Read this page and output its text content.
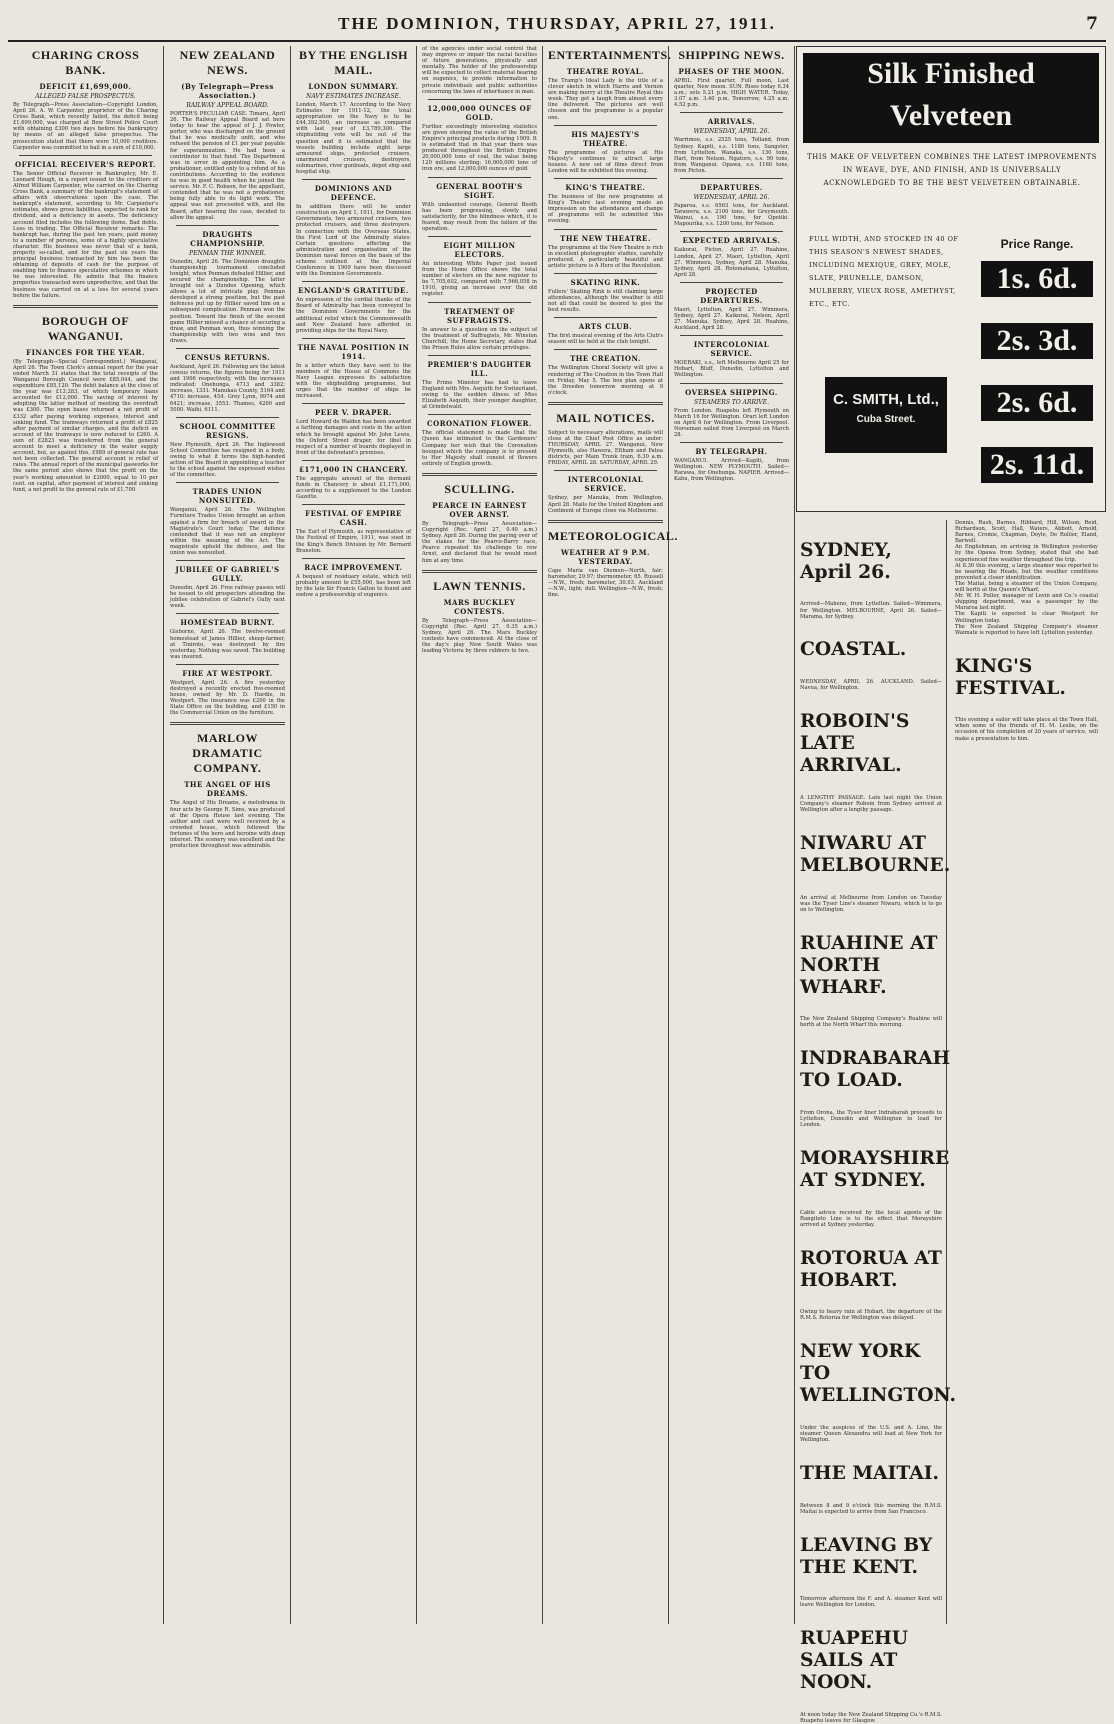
THE DOMINION, THURSDAY, APRIL 27, 1911.	7
CHARING CROSS BANK.
DEFICIT £1,699,000.
ALLEGED FALSE PROSPECTUS.

By Telegraph—Press Association—Copyright London, April 26. A. W. Carpenter, proprietor of the Charing Cross Bank, which recently failed, the deficit being £1,699,000, was charged at Bow Street Police Court with obtaining £300 two days before his bankruptcy by means of an alleged false prospectus. The prosecution stated that there were 10,000 creditors. Carpenter was committed to bail in a sum of £10,000.

OFFICIAL RECEIVER'S REPORT.

The Senior Official Receiver in Bankruptcy, Mr. E. Leonard Hough, in a report issued to the creditors of Alfred William Carpenter, who carried on the Charing Cross Bank, a summary of the bankrupt's statement of affairs with observations upon the case. The bankrupt's statement, according to Mr. Carpenter's estimates, shows gross liabilities, expected to rank for dividend, and a deficiency in assets. The deficiency account filed includes the following items. Bad debts. Loss in trading. The Official Receiver remarks: The bankrupt has, during the past ten years, paid money to a number of persons, some of a highly speculative character. His business was never that of a bank, properly so-called, and for the past six years the principal business transacted by him has been the obtaining of deposits of cash for the purpose of enabling him to finance speculative schemes in which he was interested. He admits that the finance properties transacted were unproductive, and that the business was carried on at a loss for several years before the failure.

BOROUGH OF WANGANUI.
FINANCES FOR THE YEAR.

(By Telegraph—Special Correspondent.) Wanganui, April 26. The Town Clerk's annual report for the year ended March 31 states that the total receipts of the Wanganui Borough Council were £85,044, and the expenditure £85,120. The debit balance at the close of the year was £13,283, of which temporary loans accounted for £12,000. The saving of interest by adopting the latter method of meeting the overdraft was £300. The open bases returned a net profit of £332 after paying working expenses, interest and sinking fund. The tramways returned a profit of £825 after payment of similar charges, and the deficit on account of the tramways is now reduced to £260. A sum of £2823 was transferred from the general account to meet a deficiency in the water supply account, but, as against this, £989 of general rate has not been collected. The general account is relief of rates. The annual report of the municipal gasworks for the same period also shows that the profit on the year's working amounted to £2000, equal to 10 per cent. on capital, after payment of interest and sinking fund, a net profit to the general rate of £1,700.

NEW ZEALAND NEWS.
(By Telegraph—Press Association.)
RAILWAY APPEAL BOARD.

PORTER'S PECULIAR CASE. Timaru, April 26. The Railway Appeal Board sat here today to hear the appeal of J. J. Fowler, porter, who was discharged on the ground that he was medically unfit, and who refused the pension of £1 per year payable for superannuation. He had been a contributor to that fund. The Department was in error in appointing him. As a probationer, entitled only to a refund of his contributions. According to the evidence he was in good health when he joined the service. Mr. F. C. Robson, for the appellant, contended that he was not a probationer, being fully able to do light work. The appeal was not proceeded with, and the Board, after hearing the case, decided to allow the appeal.

DRAUGHTS CHAMPIONSHIP.
PENMAN THE WINNER.

Dunedin, April 26. The Dominion draughts championship tournament concluded tonight, when Penman defeated Hillier, and secured the championship. The latter brought out a Dundee Opening, which allows a lot of intricate play. Penman developed a strong position, but the past defences put up by Hillier saved him on a subsequent complication. Penman won the position. Toward the finish of the second game Hillier missed a chance of securing a draw, and Penman won, thus winning the championship with two wins and two draws.

CENSUS RETURNS.

Auckland, April 26. Following are the latest census returns, the figures being for 1911 and 1906 respectively, with the increases indicated: Onehunga, 4713 and 3382; increase, 1331. Manukau County, 5164 and 4710; increase, 454. Grey Lynn, 9974 and 6421; increase, 3553. Thames, 4200 and 5000. Waihi, 6111.

SCHOOL COMMITTEE RESIGNS.

New Plymouth, April 26. The Inglewood School Committee has resigned in a body, owing to what it terms the high-handed action of the Board in appointing a teacher to the school against the expressed wishes of the committee.

TRADES UNION NONSUITED.

Wanganui, April 26. The Wellington Furniture Trades Union brought an action against a firm for breach of award in the Magistrate's Court today. The defence contended that it was not an employer within the meaning of the Act. The magistrate upheld the defence, and the union was nonsuited.

JUBILEE OF GABRIEL'S GULLY.

Dunedin, April 26. Free railway passes will be issued to old prospectors attending the jubilee celebration of Gabriel's Gully next week.

HOMESTEAD BURNT.

Gisborne, April 26. The twelve-roomed homestead of James Hillier, sheep-farmer, at Tiniroto, was destroyed by fire yesterday. Nothing was saved. The building was insured.

FIRE AT WESTPORT.

Westport, April 26. A fire yesterday destroyed a recently erected five-roomed house, owned by Mr. D. Hardie, in Westport. The insurance was £200 in the State Office on the building, and £150 in the Commercial Union on the furniture.

MARLOW DRAMATIC COMPANY.
THE ANGEL OF HIS DREAMS.

The Angel of His Dreams, a melodrama in four acts by George R. Sims, was produced at the Opera House last evening. The author and cast were well received by a crowded house, which followed the fortunes of the hero and heroine with deep interest. The scenery was excellent and the production throughout was admirable.

BY THE ENGLISH MAIL.
LONDON SUMMARY.
NAVY ESTIMATES INCREASE.

London, March 17. According to the Navy Estimates for 1911-12, the total appropriation on the Navy is to be £44,392,500, an increase as compared with last year of £3,789,300. The shipbuilding vote will be out of the question and it is estimated that the vessels building include eight large armoured ships, protected cruisers, unarmoured cruisers, destroyers, submarines, river gunboats, depot ship and hospital ship.

DOMINIONS AND DEFENCE.

In addition there will be under construction on April 1, 1911, for Dominion Governments, two armoured cruisers, two protected cruisers, and three destroyers. In connection with the Overseas States, the First Lord of the Admiralty states: Certain questions affecting the administration and organisation of the Dominion naval forces on the basis of the scheme outlined at the Imperial Conference in 1909 have been discussed with the Dominion Governments.

ENGLAND'S GRATITUDE.

An expression of the cordial thanks of the Board of Admiralty has been conveyed to the Dominion Governments for the additional relief which the Commonwealth and New Zealand have afforded in providing ships for the Royal Navy.

THE NAVAL POSITION IN 1914.

In a letter which they have sent to the members of the House of Commons the Navy League expresses its satisfaction with the shipbuilding programme, but urges that the number of ships be increased.

PEER V. DRAPER.

Lord Howard de Walden has been awarded a farthing damages and costs in the action which he brought against Mr. John Lewis, the Oxford Street draper, for libel in respect of a number of boards displayed in front of the defendant's premises.

£171,000 IN CHANCERY.

The aggregate amount of the dormant funds in Chancery is about £1,171,000, according to a supplement to the London Gazette.

FESTIVAL OF EMPIRE CASH.

The Earl of Plymouth, as representative of the Festival of Empire, 1911, was sued in the King's Bench Division by Mr. Bernard Branston.

RACE IMPROVEMENT.

A bequest of residuary estate, which will probably amount to £55,000, has been left by the late Sir Francis Galton to found and endow a professorship of eugenics.

of the agencies under social control that may improve or impair the racial faculties of future generations, physically and mentally. The holder of the professorship will be expected to collect material bearing on eugenics, to provide information to private individuals and public authorities concerning the laws of inheritance in man.

12,000,000 OUNCES OF GOLD.

Further exceedingly interesting statistics are given showing the value of the British Empire's principal products during 1909. It is estimated that in that year there was produced throughout the British Empire 20,000,000 tons of coal, the value being 120 millions sterling; 16,000,000 tons of iron ore, and 12,000,000 ounces of gold.

GENERAL BOOTH'S SIGHT.

With undaunted courage, General Booth has been progressing, slowly and satisfactorily, for the blindness which, it is feared, may result from the failure of the operation.

EIGHT MILLION ELECTORS.

An interesting White Paper just issued from the Home Office shows the total number of electors on the new register to be 7,705,602, compared with 7,966,058 in 1910, giving an increase over the old register.

TREATMENT OF SUFFRAGISTS.

In answer to a question on the subject of the treatment of Suffragists, Mr. Winston Churchill, the Home Secretary, states that the Prison Rules allow certain privileges.

PREMIER'S DAUGHTER ILL.

The Prime Minister has had to leave England with Mrs. Asquith for Switzerland, owing to the sudden illness of Miss Elizabeth Asquith, their younger daughter, at Grindelwald.

CORONATION FLOWER.

The official statement is made that the Queen has intimated to the Gardeners' Company her wish that the Coronation bouquet which the company is to present to Her Majesty shall consist of flowers entirely of English growth.

SCULLING.
PEARCE IN EARNEST OVER ARNST.

By Telegraph—Press Association—Copyright (Rec. April 27, 0.40 a.m.) Sydney, April 26. During the paying over of the stakes for the Pearce-Barry race, Pearce repeated his challenge to row Arnst, and declared that he would meet him at any time.

LAWN TENNIS.
MARS BUCKLEY CONTESTS.

By Telegraph—Press Association—Copyright (Rec. April 27, 0.35 a.m.) Sydney, April 26. The Mars Buckley contests have commenced. At the close of the day's play New South Wales was leading Victoria by three rubbers to two.

ENTERTAINMENTS.
THEATRE ROYAL.

The Tramp's Ideal Lady is the title of a clever sketch in which Harris and Vernon are making merry at the Theatre Royal this week. They get a laugh from almost every line delivered. The pictures are well chosen and the programme is a popular one.

HIS MAJESTY'S THEATRE.

The programme of pictures at His Majesty's continues to attract large houses. A new set of films direct from London will be exhibited this evening.

KING'S THEATRE.

The business of the new programme at King's Theatre last evening made an impression on the attendance and change of programme will be submitted this evening.

THE NEW THEATRE.

The programme at the New Theatre is rich in excellent photographic studies, carefully produced. A particularly beautiful and artistic picture is A Hero of the Revolution.

SKATING RINK.

Fullers' Skating Rink is still claiming large attendances, although the weather is still not all that could be desired to give the best results.

ARTS CLUB.

The first musical evening of the Arts Club's season will be held at the club tonight.

THE CREATION.

The Wellington Choral Society will give a rendering of The Creation in the Town Hall on Friday, May 5. The box plan opens at the Dresden tomorrow morning at 9 o'clock.

MAIL NOTICES.

Subject to necessary alterations, mails will close at the Chief Post Office as under: THURSDAY, APRIL 27. Wanganui, New Plymouth, also Hawera, Eltham and Patea districts, per Main Trunk train, 6.30 a.m. FRIDAY, APRIL 28. SATURDAY, APRIL 29.

INTERCOLONIAL SERVICE.

Sydney, per Manuka, from Wellington, April 28. Mails for the United Kingdom and Continent of Europe close via Melbourne.

METEOROLOGICAL.
WEATHER AT 9 P.M. YESTERDAY.

Cape Maria van Diemen—North, fair; barometer, 29.97; thermometer, 65. Russell—N.W., fresh; barometer, 30.03. Auckland—N.W., light; dull. Wellington—N.W., fresh; fine.

SHIPPING NEWS.
PHASES OF THE MOON.

APRIL. First quarter, Full moon, Last quarter, New moon. SUN. Rises today 6.34 a.m.; sets 5.21 p.m. HIGH WATER. Today, 3.07 a.m. 3.40 p.m. Tomorrow, 4.25 a.m. 4.52 p.m.

ARRIVALS.
WEDNESDAY, APRIL 26.

Warrimoo, s.s. 2525 tons, Tolland, from Sydney. Kapiti, s.s. 1180 tons, Sangster, from Lyttelton. Wanaka, s.s. 130 tons, Hart, from Nelson. Ngatoro, s.s. 90 tons, from Wanganui. Opawa, s.s. 1160 tons, from Picton.

DEPARTURES.
WEDNESDAY, APRIL 26.

Paparoa, s.s. 6563 tons, for Auckland. Tarawera, s.s. 2100 tons, for Greymouth. Wainui, s.s. 190 tons, for Opotiki. Mapourika, s.s. 1200 tons, for Nelson.

EXPECTED ARRIVALS.

Kaikorai, Picton, April 27. Ruahine, London, April 27. Maori, Lyttelton, April 27. Wimmera, Sydney, April 28. Manuka, Sydney, April 28. Rotomahana, Lyttelton, April 28.

PROJECTED DEPARTURES.

Maori, Lyttelton, April 27. Wimmera, Sydney, April 27. Kaikorai, Nelson, April 27. Manuka, Sydney, April 28. Ruahine, Auckland, April 28.

INTERCOLONIAL SERVICE.

MOERAKI, s.s., left Melbourne April 25 for Hobart, Bluff, Dunedin, Lyttelton and Wellington.

OVERSEA SHIPPING.
STEAMERS TO ARRIVE.

From London. Ruapehu left Plymouth on March 16 for Wellington. Orari left London on April 6 for Wellington. From Liverpool. Norseman sailed from Liverpool on March 28.

BY TELEGRAPH.

WANGANUI. Arrived—Kapiti, from Wellington. NEW PLYMOUTH. Sailed—Rarawa, for Onehunga. NAPIER. Arrived—Kahu, from Wellington.

Silk Finished
Velveteen
THIS MAKE OF VELVETEEN COMBINES THE LATEST IMPROVEMENTS IN WEAVE, DYE, AND FINISH, AND IS UNIVERSALLY ACKNOWLEDGED TO BE THE BEST VELVETEEN OBTAINABLE.
FULL WIDTH, AND STOCKED IN 40 OF THIS SEASON'S NEWEST SHADES, INCLUDING MEXIQUE, GREY, MOLE, SLATE, PRUNELLE, DAMSON, MULBERRY, VIEUX ROSE, AMETHYST, ETC., ETC.
Price Range.
1s. 6d.
2s. 3d.
2s. 6d.
2s. 11d.
C. SMITH, Ltd.,
Cuba Street.
SYDNEY, April 26.

Arrived—Maheno, from Lyttelton. Sailed—Wimmera, for Wellington. MELBOURNE, April 26. Sailed—Marama, for Sydney.

COASTAL.

WEDNESDAY, APRIL 26. AUCKLAND. Sailed—Navua, for Wellington.

ROBOIN'S LATE ARRIVAL.

A LENGTHY PASSAGE. Late last night the Union Company's steamer Roboin from Sydney arrived at Wellington after a lengthy passage.

NIWARU AT MELBOURNE.

An arrival at Melbourne from London on Tuesday was the Tyser Line's steamer Niwaru, which is to go on to Wellington.

RUAHINE AT NORTH WHARF.

The New Zealand Shipping Company's Ruahine will berth at the North Wharf this morning.

INDRABARAH TO LOAD.

From Orona, the Tyser liner Indrabarah proceeds to Lyttelton, Dunedin and Wellington to load for London.

MORAYSHIRE AT SYDNEY.

Cable advice received by the local agents of the Rangitoto Line is to the effect that Morayshire arrived at Sydney yesterday.

ROTORUA AT HOBART.

Owing to heavy rain at Hobart, the departure of the R.M.S. Rotorua for Wellington was delayed.

NEW YORK TO WELLINGTON.

Under the auspices of the U.S. and A. Line, the steamer Queen Alexandra will load at New York for Wellington.

THE MAITAI.

Between 8 and 9 o'clock this morning the R.M.S. Maitai is expected to arrive from San Francisco.

LEAVING BY THE KENT.

Tomorrow afternoon the F. and A. steamer Kent will leave Wellington for London.

RUAPEHU SAILS AT NOON.

At noon today the New Zealand Shipping Co.'s R.M.S. Ruapehu leaves for Glasgow.

Dennis, Rush, Barnes, Hibbard, Hill, Wilson, Reid, Richardson, Scott, Hall, Waters, Abbott, Arnold, Barnes, Cromie, Chapman, Doyle, De Rollier, Eland, Barwell.

An Englishman, on arriving in Wellington yesterday by the Opawa from Sydney, stated that she had experienced fine weather throughout the trip.

At 8.30 this evening, a large steamer was reported to be nearing the Heads, but the weather conditions prevented a closer identification.

The Maitai, being a steamer of the Union Company, will berth at the Queen's Wharf.

Mr. W. H. Puller, manager of Levin and Co.'s coastal shipping department, was a passenger by the Mararoa last night.

The Kapiti is expected to clear Westport for Wellington today.

The New Zealand Shipping Company's steamer Waimate is reported to have left Lyttelton yesterday.

KING'S FESTIVAL.

This evening a sailor will take place at the Town Hall, when some of the friends of H. M. Leslie, on the occasion of his completion of 20 years of service, will make a presentation to him.
